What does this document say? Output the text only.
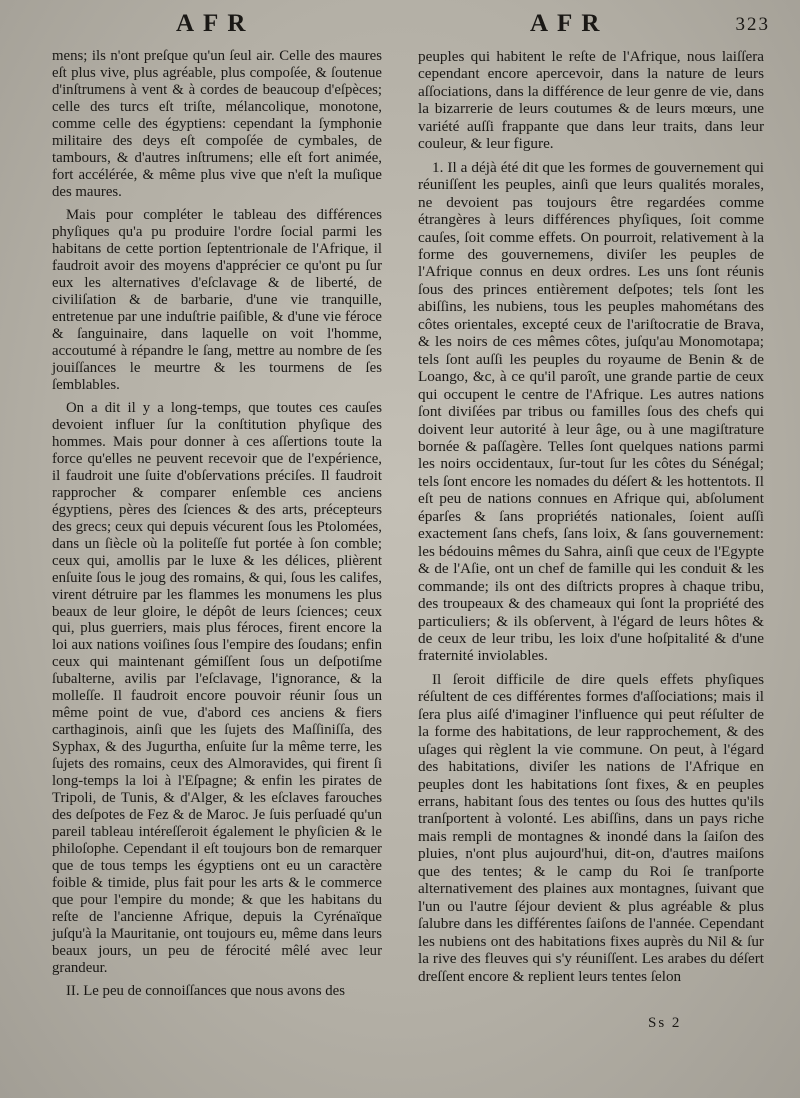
AFR	AFR	323

mens; ils n'ont preſque qu'un ſeul air. Celle des maures eſt plus vive, plus agréable, plus compoſée, & ſoutenue d'inſtrumens à vent & à cordes de beaucoup d'eſpèces; celle des turcs eſt triſte, mélancolique, monotone, comme celle des égyptiens: cependant la ſymphonie militaire des deys eſt compoſée de cymbales, de tambours, & d'autres inſtrumens; elle eſt fort animée, fort accélérée, & même plus vive que n'eſt la muſique des maures.

Mais pour compléter le tableau des différences phyſiques qu'a pu produire l'ordre ſocial parmi les habitans de cette portion ſeptentrionale de l'Afrique, il faudroit avoir des moyens d'apprécier ce qu'ont pu ſur eux les alternatives d'eſclavage & de liberté, de civiliſation & de barbarie, d'une vie tranquille, entretenue par une induſtrie paiſible, & d'une vie féroce & ſanguinaire, dans laquelle on voit l'homme, accoutumé à répandre le ſang, mettre au nombre de ſes jouiſſances le meurtre & les tourmens de ſes ſemblables.

On a dit il y a long-temps, que toutes ces cauſes devoient influer ſur la conſtitution phyſique des hommes. Mais pour donner à ces aſſertions toute la force qu'elles ne peuvent recevoir que de l'expérience, il faudroit une ſuite d'obſervations préciſes. Il faudroit rapprocher & comparer enſemble ces anciens égyptiens, pères des ſciences & des arts, précepteurs des grecs; ceux qui depuis vécurent ſous les Ptolomées, dans un ſiècle où la politeſſe fut portée à ſon comble; ceux qui, amollis par le luxe & les délices, plièrent enſuite ſous le joug des romains, & qui, ſous les califes, virent détruire par les flammes les monumens les plus beaux de leur gloire, le dépôt de leurs ſciences; ceux qui, plus guerriers, mais plus féroces, firent encore la loi aux nations voiſines ſous l'empire des ſoudans; enfin ceux qui maintenant gémiſſent ſous un deſpotiſme ſubalterne, avilis par l'eſclavage, l'ignorance, & la molleſſe. Il faudroit encore pouvoir réunir ſous un même point de vue, d'abord ces anciens & fiers carthaginois, ainſi que les ſujets des Maſſiniſſa, des Syphax, & des Jugurtha, enſuite ſur la même terre, les ſujets des romains, ceux des Almoravides, qui firent ſi long-temps la loi à l'Eſpagne; & enfin les pirates de Tripoli, de Tunis, & d'Alger, & les eſclaves farouches des deſpotes de Fez & de Maroc. Je ſuis perſuadé qu'un pareil tableau intéreſſeroit également le phyſicien & le philoſophe. Cependant il eſt toujours bon de remarquer que de tous temps les égyptiens ont eu un caractère foible & timide, plus fait pour les arts & le commerce que pour l'empire du monde; & que les habitans du reſte de l'ancienne Afrique, depuis la Cyrénaïque juſqu'à la Mauritanie, ont toujours eu, même dans leurs beaux jours, un peu de férocité mêlé avec leur grandeur.

II. Le peu de connoiſſances que nous avons des

peuples qui habitent le reſte de l'Afrique, nous laiſſera cependant encore apercevoir, dans la nature de leurs aſſociations, dans la différence de leur genre de vie, dans la bizarrerie de leurs coutumes & de leurs mœurs, une variété auſſi frappante que dans leur traits, dans leur couleur, & leur figure.

1. Il a déjà été dit que les formes de gouvernement qui réuniſſent les peuples, ainſi que leurs qualités morales, ne devoient pas toujours être regardées comme étrangères à leurs différences phyſiques, ſoit comme cauſes, ſoit comme effets. On pourroit, relativement à la forme des gouvernemens, diviſer les peuples de l'Afrique connus en deux ordres. Les uns ſont réunis ſous des princes entièrement deſpotes; tels ſont les abiſſins, les nubiens, tous les peuples mahométans des côtes orientales, excepté ceux de l'ariſtocratie de Brava, & les noirs de ces mêmes côtes, juſqu'au Monomotapa; tels ſont auſſi les peuples du royaume de Benin & de Loango, &c, à ce qu'il paroît, une grande partie de ceux qui occupent le centre de l'Afrique. Les autres nations ſont diviſées par tribus ou familles ſous des chefs qui doivent leur autorité à leur âge, ou à une magiſtrature bornée & paſſagère. Telles ſont quelques nations parmi les noirs occidentaux, ſur-tout ſur les côtes du Sénégal; tels ſont encore les nomades du déſert & les hottentots. Il eſt peu de nations connues en Afrique qui, abſolument éparſes & ſans propriétés nationales, ſoient auſſi exactement ſans chefs, ſans loix, & ſans gouvernement: les bédouins mêmes du Sahra, ainſi que ceux de l'Egypte & de l'Aſie, ont un chef de famille qui les conduit & les commande; ils ont des diſtricts propres à chaque tribu, des troupeaux & des chameaux qui ſont la propriété des particuliers; & ils obſervent, à l'égard de leurs hôtes & de ceux de leur tribu, les loix d'une hoſpitalité & d'une fraternité inviolables.

Il ſeroit difficile de dire quels effets phyſiques réſultent de ces différentes formes d'aſſociations; mais il ſera plus aiſé d'imaginer l'influence qui peut réſulter de la forme des habitations, de leur rapprochement, & des uſages qui règlent la vie commune. On peut, à l'égard des habitations, diviſer les nations de l'Afrique en peuples dont les habitations ſont fixes, & en peuples errans, habitant ſous des tentes ou ſous des huttes qu'ils tranſportent à volonté. Les abiſſins, dans un pays riche mais rempli de montagnes & inondé dans la ſaiſon des pluies, n'ont plus aujourd'hui, dit-on, d'autres maiſons que des tentes; & le camp du Roi ſe tranſporte alternativement des plaines aux montagnes, ſuivant que l'un ou l'autre ſéjour devient & plus agréable & plus ſalubre dans les différentes ſaiſons de l'année. Cependant les nubiens ont des habitations fixes auprès du Nil & ſur la rive des fleuves qui s'y réuniſſent. Les arabes du déſert dreſſent encore & replient leurs tentes ſelon

Ss 2
